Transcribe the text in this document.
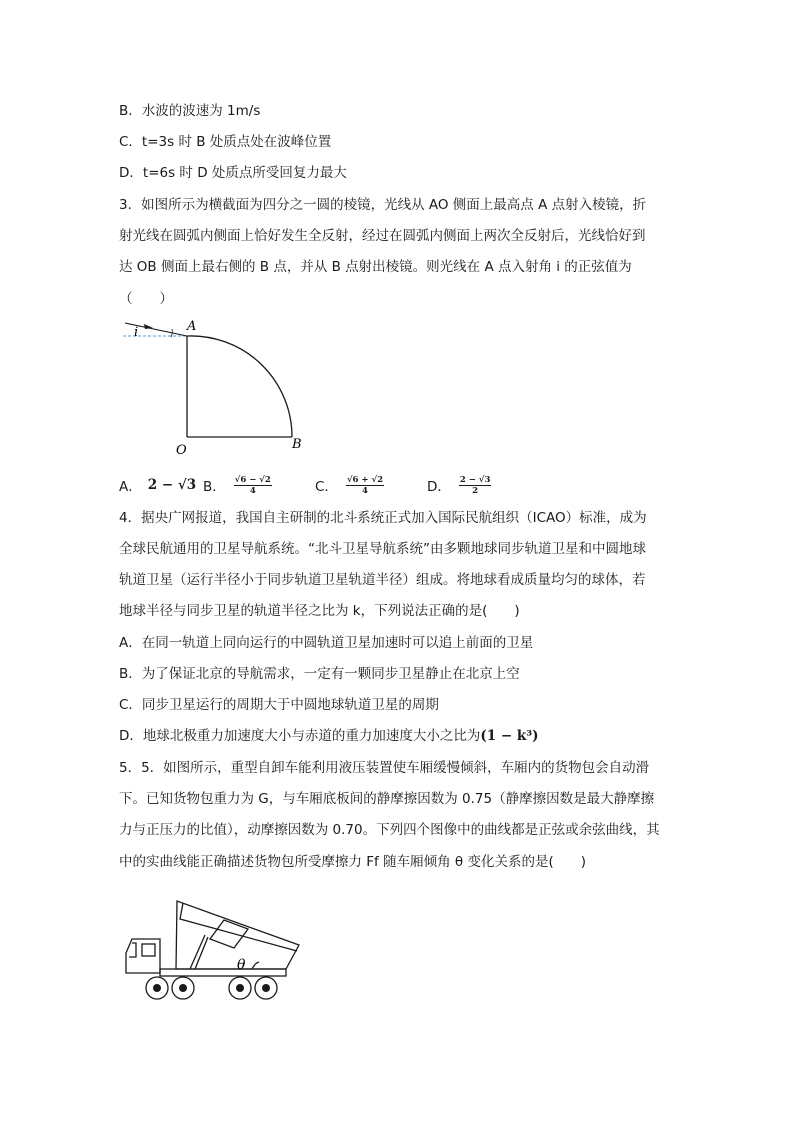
B．水波的波速为 1m/s
C．t=3s 时 B 处质点处在波峰位置
D．t=6s 时 D 处质点所受回复力最大
3．如图所示为横截面为四分之一圆的棱镜，光线从 AO 侧面上最高点 A 点射入棱镜，折
射光线在圆弧内侧面上恰好发生全反射，经过在圆弧内侧面上两次全反射后，光线恰好到
达 OB 侧面上最右侧的 B 点，并从 B 点射出棱镜。则光线在 A 点入射角 i 的正弦值为
（　　）
i	A
O	B
A． 2 − √3 B． $\frac{√6 - √2}{4}$	C． $\frac{√6 + √2}{4}$	D． $\frac{2 - √3}{2}$
4．据央广网报道，我国自主研制的北斗系统正式加入国际民航组织（ICAO）标准，成为
全球民航通用的卫星导航系统。“北斗卫星导航系统”由多颗地球同步轨道卫星和中圆地球
轨道卫星（运行半径小于同步轨道卫星轨道半径）组成。将地球看成质量均匀的球体，若
地球半径与同步卫星的轨道半径之比为 k，下列说法正确的是(　　)
A．在同一轨道上同向运行的中圆轨道卫星加速时可以追上前面的卫星
B．为了保证北京的导航需求，一定有一颗同步卫星静止在北京上空
C．同步卫星运行的周期大于中圆地球轨道卫星的周期
D．地球北极重力加速度大小与赤道的重力加速度大小之比为(1 − k³)
5．5．如图所示，重型自卸车能利用液压装置使车厢缓慢倾斜，车厢内的货物包会自动滑
下。已知货物包重力为 G，与车厢底板间的静摩擦因数为 0.75（静摩擦因数是最大静摩擦
力与正压力的比值），动摩擦因数为 0.70。下列四个图像中的曲线都是正弦或余弦曲线，其
中的实曲线能正确描述货物包所受摩擦力 Ff 随车厢倾角 θ 变化关系的是(　　)
θ
